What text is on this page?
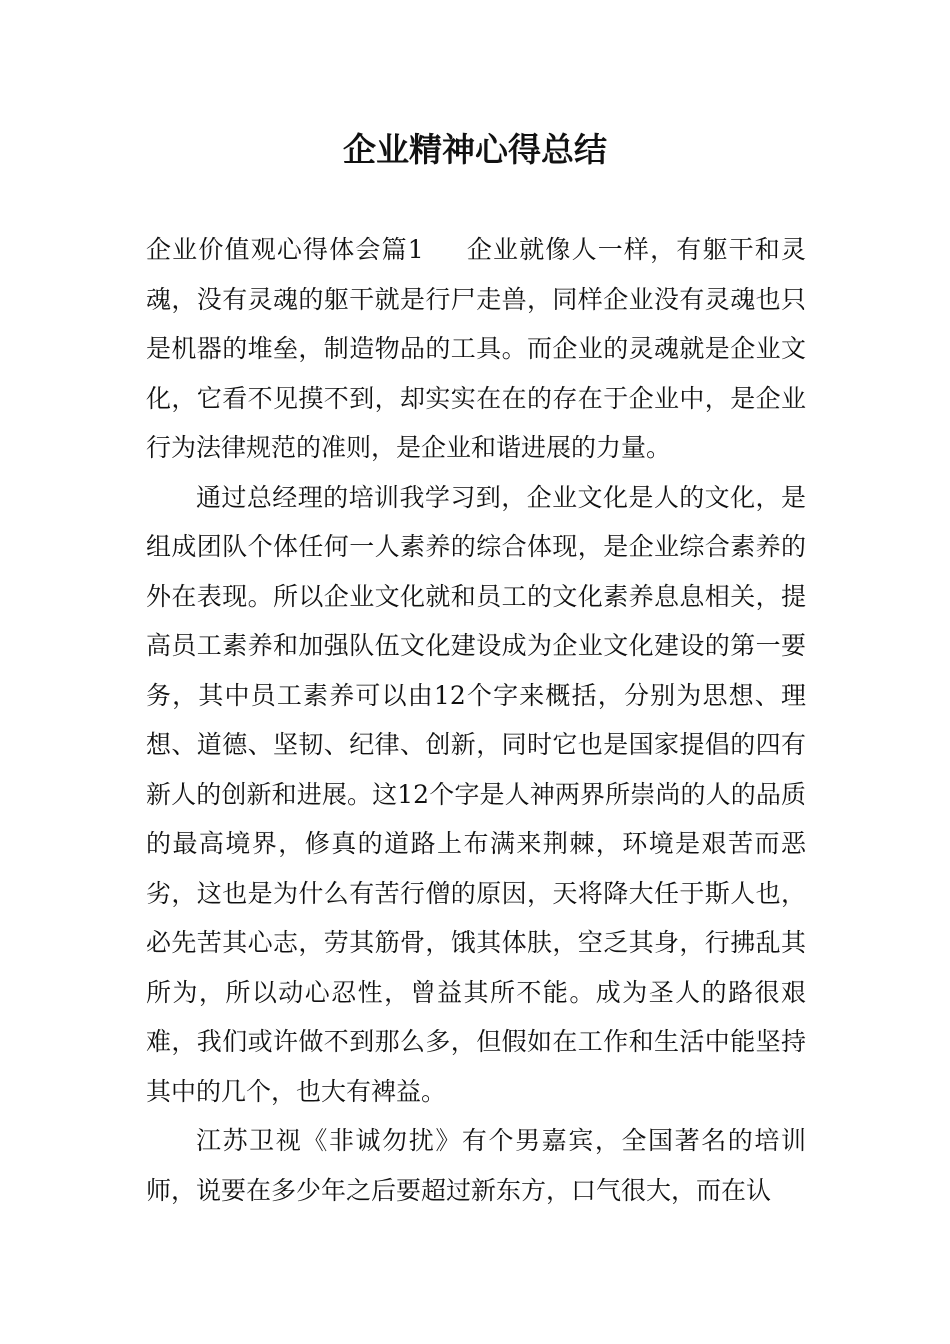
企业精神心得总结

企业价值观心得体会篇1 企业就像人一样，有躯干和灵魂，没有灵魂的躯干就是行尸走兽，同样企业没有灵魂也只是机器的堆垒，制造物品的工具。而企业的灵魂就是企业文化，它看不见摸不到，却实实在在的存在于企业中，是企业行为法律规范的准则，是企业和谐进展的力量。

通过总经理的培训我学习到，企业文化是人的文化，是组成团队个体任何一人素养的综合体现，是企业综合素养的外在表现。所以企业文化就和员工的文化素养息息相关，提高员工素养和加强队伍文化建设成为企业文化建设的第一要务，其中员工素养可以由12个字来概括，分别为思想、理想、道德、坚韧、纪律、创新，同时它也是国家提倡的四有新人的创新和进展。这12个字是人神两界所崇尚的人的品质的最高境界，修真的道路上布满来荆棘，环境是艰苦而恶劣，这也是为什么有苦行僧的原因，天将降大任于斯人也，必先苦其心志，劳其筋骨，饿其体肤，空乏其身，行拂乱其所为，所以动心忍性，曾益其所不能。成为圣人的路很艰难，我们或许做不到那么多，但假如在工作和生活中能坚持其中的几个，也大有裨益。

江苏卫视《非诚勿扰》有个男嘉宾，全国著名的培训师，说要在多少年之后要超过新东方，口气很大，而在认
